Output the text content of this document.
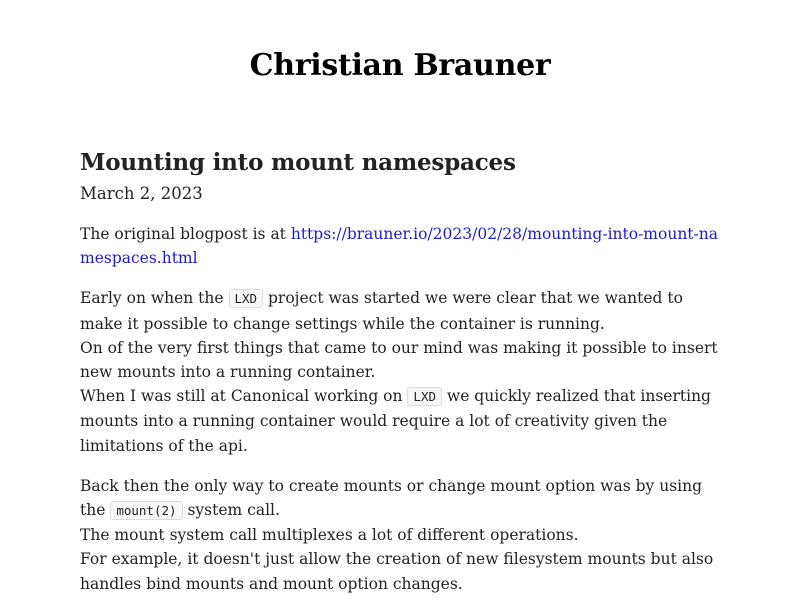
Christian Brauner
Mounting into mount namespaces
March 2, 2023

The original blogpost is at https://brauner.io/2023/02/28/mounting-into-mount-namespaces.html

Early on when the LXD project was started we were clear that we wanted to make it possible to change settings while the container is running.
On of the very first things that came to our mind was making it possible to insert new mounts into a running container.
When I was still at Canonical working on LXD we quickly realized that inserting mounts into a running container would require a lot of creativity given the limitations of the api.

Back then the only way to create mounts or change mount option was by using the mount(2) system call.
The mount system call multiplexes a lot of different operations.
For example, it doesn't just allow the creation of new filesystem mounts but also handles bind mounts and mount option changes.
